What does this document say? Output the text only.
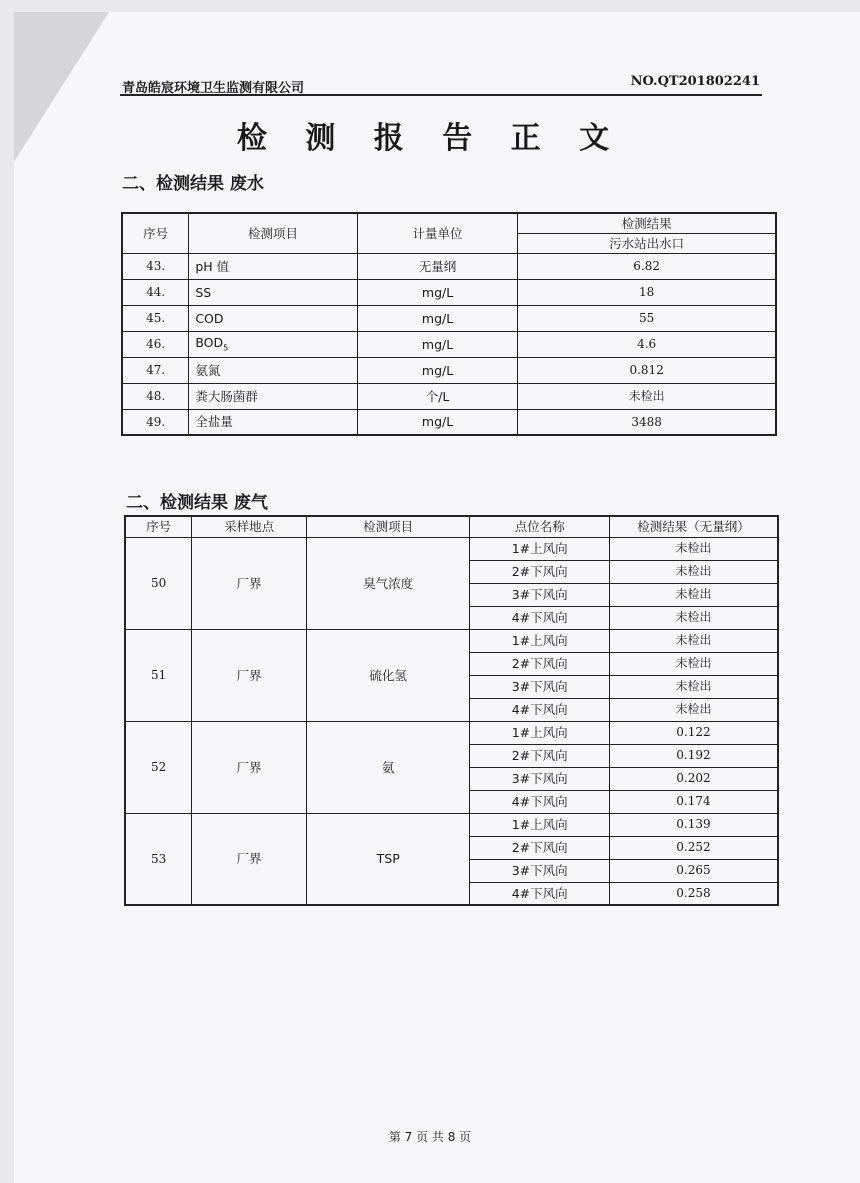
青岛皓宸环境卫生监测有限公司	NO.QT201802241
检 测 报 告 正 文
二、检测结果 废水
序号	检测项目	计量单位	检测结果
			污水站出水口
43.	pH 值	无量纲	6.82
44.	SS	mg/L	18
45.	COD	mg/L	55
46.	$BOD_5$	mg/L	4.6
47.	氨氮	mg/L	0.812
48.	粪大肠菌群	个/L	未检出
49.	全盐量	mg/L	3488
二、检测结果 废气
序号	采样地点	检测项目	点位名称	检测结果（无量纲）
50	厂界	臭气浓度	1#上风向	未检出
			2#下风向	未检出
			3#下风向	未检出
			4#下风向	未检出
51	厂界	硫化氢	1#上风向	未检出
			2#下风向	未检出
			3#下风向	未检出
			4#下风向	未检出
52	厂界	氨	1#上风向	0.122
			2#下风向	0.192
			3#下风向	0.202
			4#下风向	0.174
53	厂界	TSP	1#上风向	0.139
			2#下风向	0.252
			3#下风向	0.265
			4#下风向	0.258
第 7 页 共 8 页
